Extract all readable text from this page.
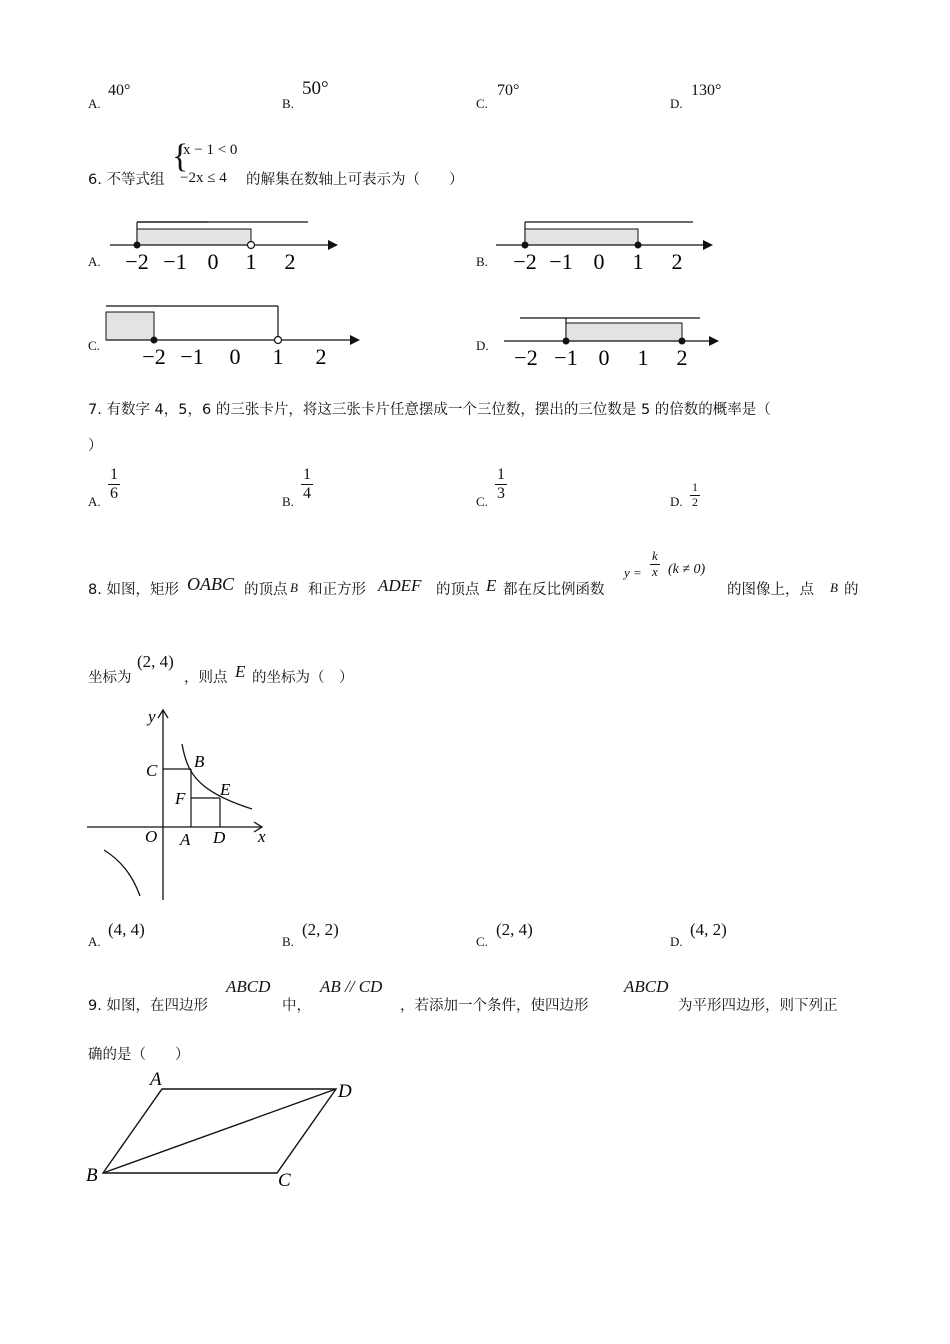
A.
40°
B.
50°
C.
70°
D.
130°
6. 不等式组
{
x − 1 < 0
−2x ≤ 4 的解集在数轴上可表示为（　　）
A. −2 −1 0 1 2	B. −2 −1 0 1 2
C. −2 −1 0 1 2	D. −2 −1 0 1 2
7. 有数字 4，5，6 的三张卡片，将这三张卡片任意摆成一个三位数，摆出的三位数是 5 的倍数的概率是（
）
A. $\frac{1}{6}$	B. $\frac{1}{4}$	C. $\frac{1}{3}$	D. $\frac{1}{2}$
8. 如图，矩形 OABC 的顶点 B 和正方形 ADEF 的顶点 E 都在反比例函数
$y = \frac{k}{x} (k \ne 0)$
的图像上，点 B 的
坐标为
(2, 4)
，则点 E 的坐标为（　）
y
x
O A
B
C
D
E
F
A.
(4, 4)
B.
(2, 2)
C.
(2, 4)
D.
(4, 2)
9. 如图，在四边形
ABCD
中，
AB // CD
，若添加一个条件，使四边形
ABCD
为平形四边形，则下列正
确的是（　　）
A
B	C
D
